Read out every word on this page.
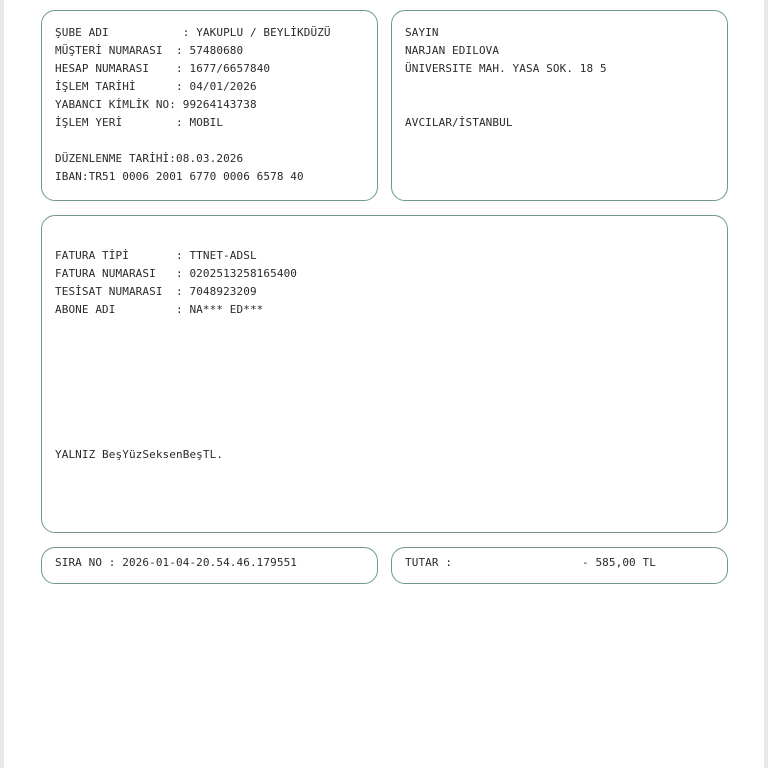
ŞUBE ADI           : YAKUPLU / BEYLİKDÜZÜ
MÜŞTERİ NUMARASI  : 57480680
HESAP NUMARASI    : 1677/6657840
İŞLEM TARİHİ      : 04/01/2026
YABANCI KİMLİK NO: 99264143738
İŞLEM YERİ        : MOBIL
DÜZENLENME TARİHİ:08.03.2026
IBAN:TR51 0006 2001 6770 0006 6578 40
SAYIN
NARJAN EDILOVA
ÜNIVERSITE MAH. YASA SOK. 18 5
AVCILAR/İSTANBUL
FATURA TİPİ       : TTNET-ADSL
FATURA NUMARASI   : 0202513258165400
TESİSAT NUMARASI  : 7048923209
ABONE ADI         : NA*** ED***
YALNIZ BeşYüzSeksenBeşTL.
SIRA NO : 2026-01-04-20.54.46.179551	TUTAR :	- 585,00 TL
